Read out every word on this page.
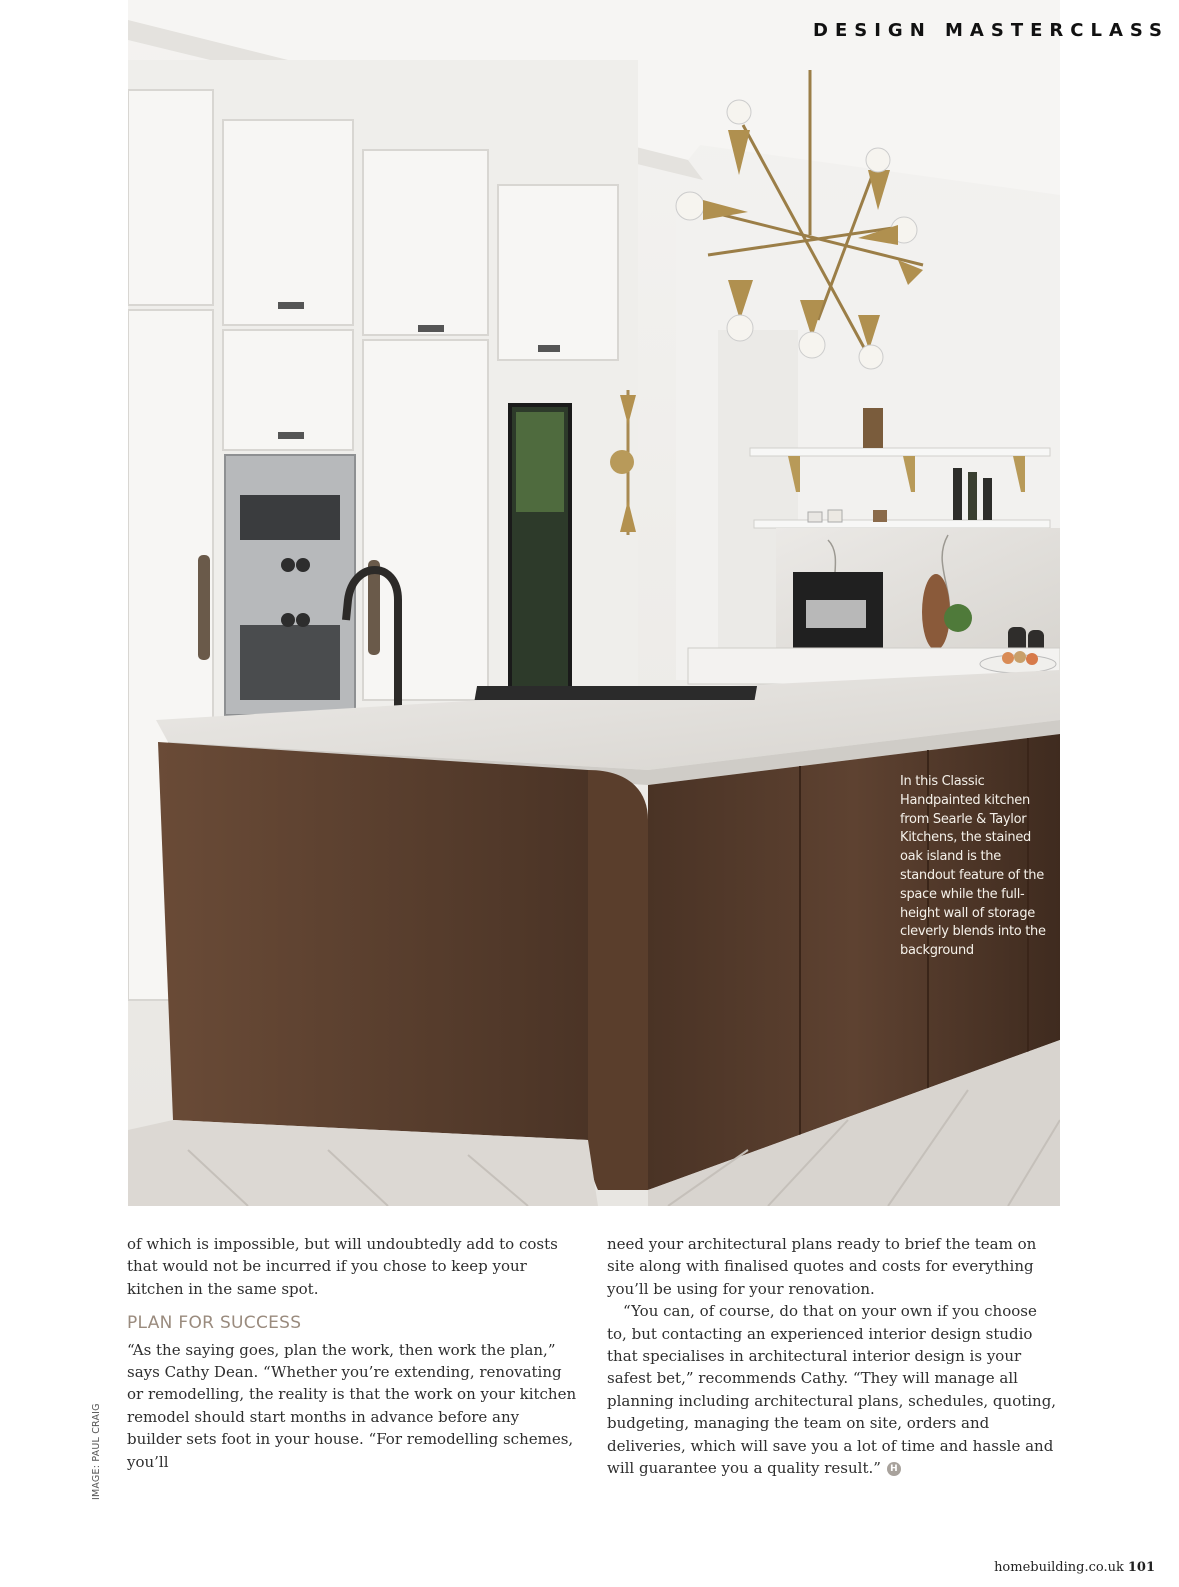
DESIGN MASTERCLASS
In this Classic Handpainted kitchen from Searle & Taylor Kitchens, the stained oak island is the standout feature of the space while the full-height wall of storage cleverly blends into the background
IMAGE: PAUL CRAIG

of which is impossible, but will undoubtedly add to costs that would not be incurred if you chose to keep your kitchen in the same spot.

PLAN FOR SUCCESS

“As the saying goes, plan the work, then work the plan,” says Cathy Dean. “Whether you’re extending, renovating or remodelling, the reality is that the work on your kitchen remodel should start months in advance before any builder sets foot in your house. “For remodelling schemes, you’ll

need your architectural plans ready to brief the team on site along with finalised quotes and costs for everything you’ll be using for your renovation.

“You can, of course, do that on your own if you choose to, but contacting an experienced interior design studio that specialises in architectural interior design is your safest bet,” recommends Cathy. “They will manage all planning including architectural plans, schedules, quoting, budgeting, managing the team on site, orders and deliveries, which will save you a lot of time and hassle and will guarantee you a quality result.” H

homebuilding.co.uk 101
